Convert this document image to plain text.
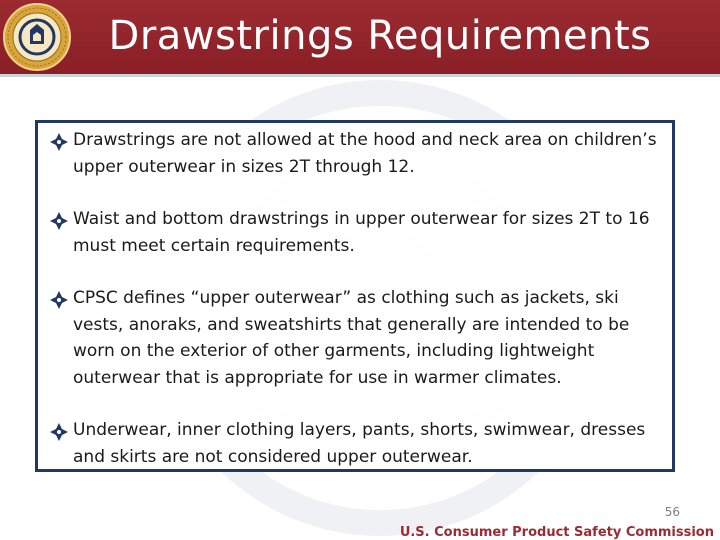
Drawstrings Requirements
Drawstrings are not allowed at the hood and neck area on children’s upper outerwear in sizes 2T through 12.
Waist and bottom drawstrings in upper outerwear for sizes 2T to 16 must meet certain requirements.
CPSC defines “upper outerwear” as clothing such as jackets, ski vests, anoraks, and sweatshirts that generally are intended to be worn on the exterior of other garments, including lightweight outerwear that is appropriate for use in warmer climates.
Underwear, inner clothing layers, pants, shorts, swimwear, dresses and skirts are not considered upper outerwear.
56
U.S. Consumer Product Safety Commission
